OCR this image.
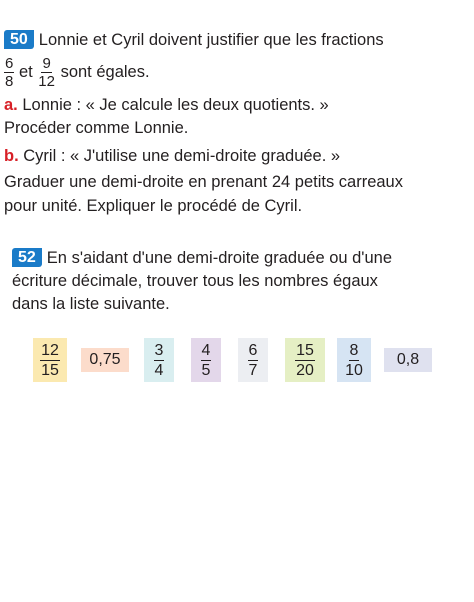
50 Lonnie et Cyril doivent justifier que les fractions
$\frac{6}{8}$ et $\frac{9}{12}$ sont égales.
a. Lonnie : « Je calcule les deux quotients. »
Procéder comme Lonnie.
b. Cyril : « J'utilise une demi-droite graduée. »
Graduer une demi-droite en prenant 24 petits carreaux
pour unité. Expliquer le procédé de Cyril.
52 En s'aidant d'une demi-droite graduée ou d'une
écriture décimale, trouver tous les nombres égaux
dans la liste suivante.
$\frac{12}{15} 0,75 \frac{3}{4} \frac{4}{5} \frac{6}{7} \frac{15}{20} \frac{8}{10} 0,8$
